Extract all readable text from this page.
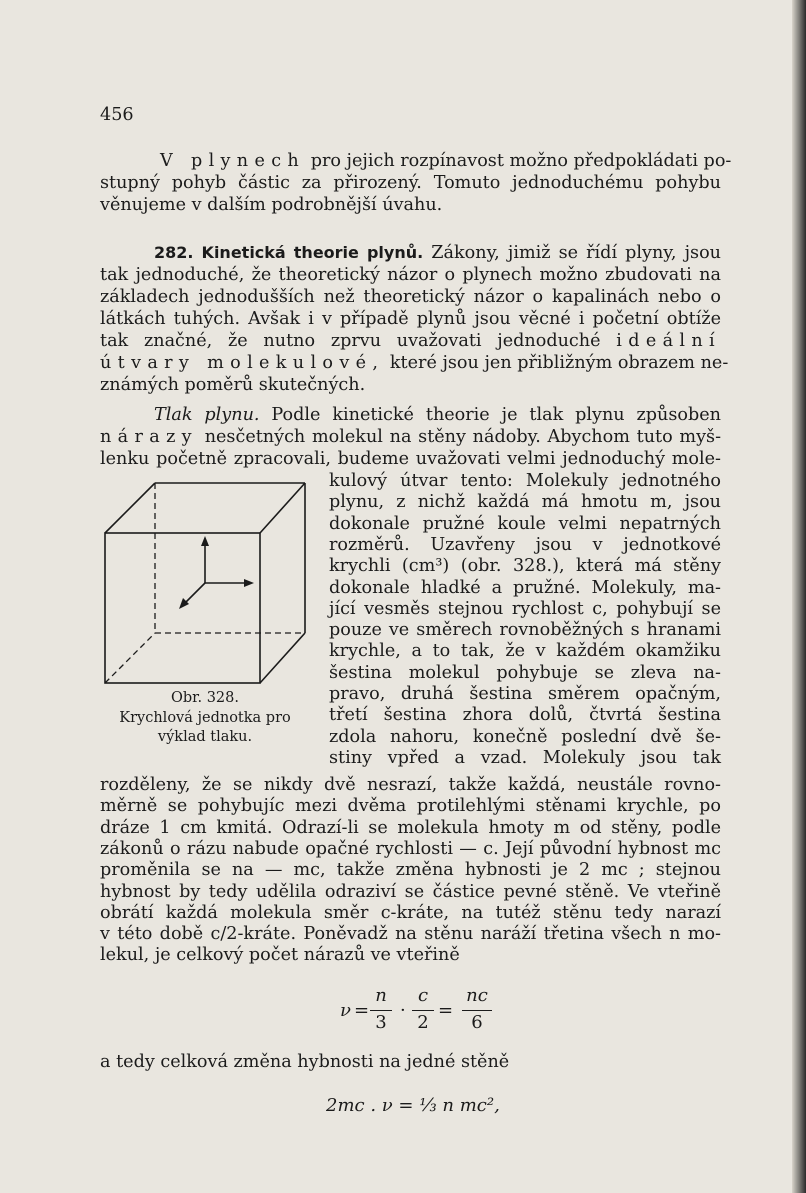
456
V plynech pro jejich rozpínavost možno předpokládati po-
stupný pohyb částic za přirozený. Tomuto jednoduchému pohybu
věnujeme v dalším podrobnější úvahu.
282. Kinetická theorie plynů. Zákony, jimiž se řídí plyny, jsou
tak jednoduché, že theoretický názor o plynech možno zbudovati na
základech jednodušších než theoretický názor o kapalinách nebo o
látkách tuhých. Avšak i v případě plynů jsou věcné i početní obtíže
tak značné, že nutno zprvu uvažovati jednoduché ideální
útvary molekulové, které jsou jen přibližným obrazem ne-
známých poměrů skutečných.
Tlak plynu. Podle kinetické theorie je tlak plynu způsoben
nárazy nesčetných molekul na stěny nádoby. Abychom tuto myš-
lenku početně zpracovali, budeme uvažovati velmi jednoduchý mole-
kulový útvar tento: Molekuly jednotného
plynu, z nichž každá má hmotu m, jsou
dokonale pružné koule velmi nepatrných
rozměrů. Uzavřeny jsou v jednotkové
krychli (cm³) (obr. 328.), která má stěny
dokonale hladké a pružné. Molekuly, ma-
jící vesměs stejnou rychlost c, pohybují se
pouze ve směrech rovnoběžných s hranami
krychle, a to tak, že v každém okamžiku
šestina molekul pohybuje se zleva na-
pravo, druhá šestina směrem opačným,
třetí šestina zhora dolů, čtvrtá šestina
zdola nahoru, konečně poslední dvě še-
stiny vpřed a vzad. Molekuly jsou tak
Obr. 328.
Krychlová jednotka pro
výklad tlaku.
rozděleny, že se nikdy dvě nesrazí, takže každá, neustále rovno-
měrně se pohybujíc mezi dvěma protilehlými stěnami krychle, po
dráze 1 cm kmitá. Odrazí-li se molekula hmoty m od stěny, podle
zákonů o rázu nabude opačné rychlosti — c. Její původní hybnost mc
proměnila se na — mc, takže změna hybnosti je 2 mc ; stejnou
hybnost by tedy udělila odraziví se částice pevné stěně. Ve vteřině
obrátí každá molekula směr c-kráte, na tutéž stěnu tedy narazí
v této době c/2-kráte. Poněvadž na stěnu naráží třetina všech n mo-
lekul, je celkový počet nárazů ve vteřině
ν =
n
3
·
c
2
=
nc
6
a tedy celková změna hybnosti na jedné stěně
2mc . ν = ⅓ n mc²,
